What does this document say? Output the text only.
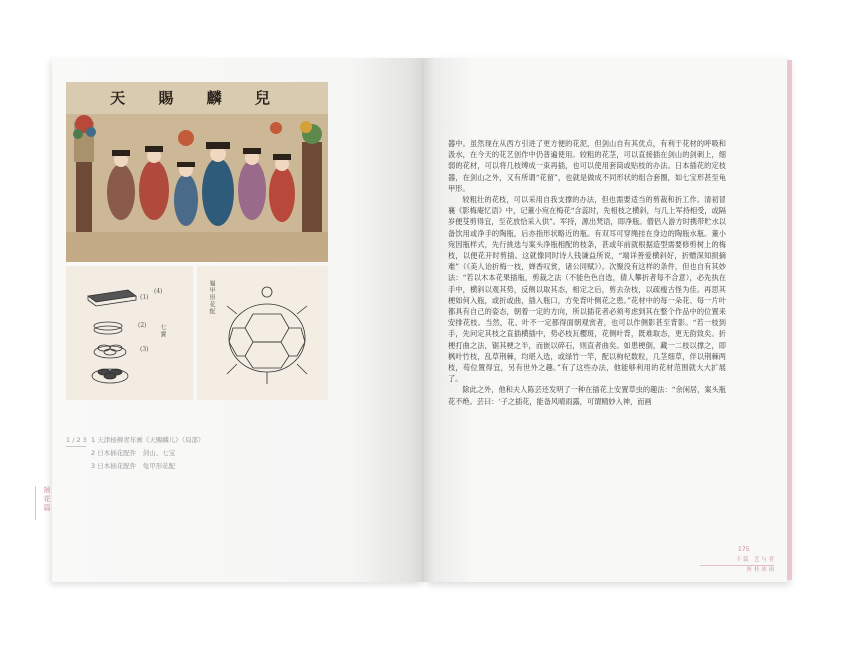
天 賜 麟 兒
(1)
(2)
(3)
(4)
七寶
龜甲形花配
1 / 2 3 1 天津杨柳青年画《天赐麟儿》（局部）
2 日本插花配件　剑山、七宝
3 日本插花配件　龟甲形花配
插花篇

器中。虽然现在从西方引进了更方便的花泥，但剑山自有其优点，有利于花材的呼吸和汲水，在今天的花艺创作中仍普遍使用。较粗的花茎，可以直接插在剑山的剑刺上，细弱的花材，可以将几枝缚成一束再插，也可以使用套筒或贴枝的办法。日本插花的定枝器，在剑山之外，又有所谓“花留”，也就是做成不同形状的组合套圈，如七宝形甚至龟甲形。

较粗壮的花枝，可以采用自我支撑的办法，但也需要适当的剪裁和折工作。清初冒襄《影梅庵忆语》中，记董小宛在梅花“含蕊时，先相枝之横斜，与几上军持相受，或隔岁便芟剪得宜，至花放恰采入供”。军持，源出梵语，即净瓶。僧侣人游方时携带贮水以备饮用或净手的陶瓶，后亦指形状略近的瓶。有双耳可穿绳挂在身边的陶瓶水瓶。董小宛因瓶样式，先行挑选与案头净瓶相配的枝条，甚或年前就根据造型需要修剪树上的梅枝，以便花开时剪插。这就像同时诗人钱谦益所说，“端详善爱横斜好，折赠深知损摘难”（《美人诒折梅一枝，婵香叹赏，诸公同赋》）。次聚没有这样的条件，但也自有其妙法：“若以木本花果插瓶，剪裁之法（不能色色自选，倩人攀折者每不合意），必先执在手中，横斜以观其势，反侧以取其态，相定之后，剪去杂枝，以疏瘦古怪为佳。再思其梗如何入瓶，或折或曲，插入瓶口，方免背叶侧花之患。”花材中的每一朵花、每一片叶都具有自己的姿态，朝着一定的方向，所以插花者必须考虑到其在整个作品中的位置来安排花枝。当然，花、叶不一定都得面朝观赏者，也可以作侧影甚至背影。“若一枝到手，先问定其枝之直插横插中，势必枝瓦樱斑，花侧叶背，既难取态，更无韵致矣。折梗打曲之法，锯其梗之半，而嵌以碎石，则直者曲矣。如患梗倒，藏一二枝以撑之，即枫叶竹枝，乱草荆棘，均堪入选，或绿竹一竿，配以枸杞数粒，几茎细草，伴以荆棘两枝，苟位置得宜，另有世外之趣。”有了这些办法，他能够利用的花材范围就大大扩展了。

除此之外，他和夫人陈芸还发明了一种在插花上安置草虫的趣法：“余闲居，案头瓶花不绝。芸曰：‘子之插花，能备风晴雨露，可谓精妙入神，而画

175
下 篇　艺 与 者
折 桂 冰 雨
